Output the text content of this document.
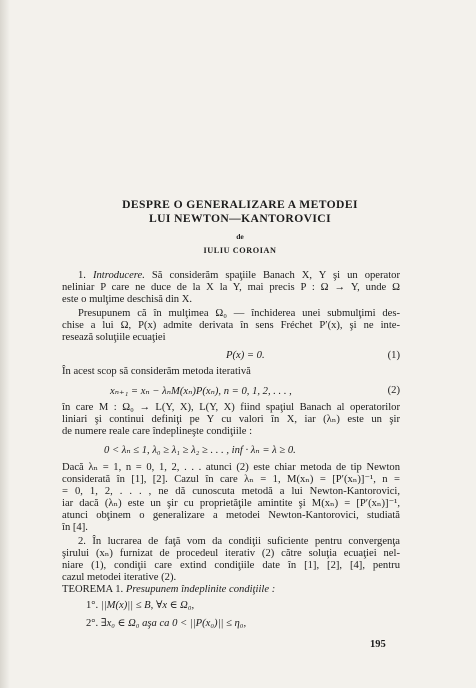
DESPRE O GENERALIZARE A METODEI
LUI NEWTON—KANTOROVICI
de
IULIU COROIAN
1. Introducere. Să considerăm spaţiile Banach X, Y şi un operator
neliniar P care ne duce de la X la Y, mai precis P : Ω → Y, unde Ω
este o mulţime deschisă din X.
Presupunem că în mulţimea Ω₀ — închiderea unei submulţimi des-
chise a lui Ω, P(x) admite derivata în sens Fréchet P′(x), şi ne inte-
resează soluţiile ecuaţiei
P(x) = 0.	(1)
În acest scop să considerăm metoda iterativă
xₙ₊₁ = xₙ − λₙM(xₙ)P(xₙ), n = 0, 1, 2, . . . ,	(2)
în care M : Ω₀ → L(Y, X), L(Y, X) fiind spaţiul Banach al operatorilor
liniari şi continui definiţi pe Y cu valori în X, iar (λₙ) este un şir
de numere reale care îndeplineşte condiţiile :
0 < λₙ ≤ 1, λ₀ ≥ λ₁ ≥ λ₂ ≥ . . . , inf · λₙ = λ ≥ 0.
Dacă λₙ = 1, n = 0, 1, 2, . . . atunci (2) este chiar metoda de tip Newton
considerată în [1], [2]. Cazul în care λₙ = 1, M(xₙ) = [P′(xₙ)]⁻¹, n =
= 0, 1, 2, . . . , ne dă cunoscuta metodă a lui Newton-Kantorovici,
iar dacă (λₙ) este un şir cu proprietăţile amintite şi M(xₙ) = [P′(xₙ)]⁻¹,
atunci obţinem o generalizare a metodei Newton-Kantorovici, studiată
în [4].
2. În lucrarea de faţă vom da condiţii suficiente pentru convergenţa
şirului (xₙ) furnizat de procedeul iterativ (2) către soluţia ecuaţiei nel-
niare (1), condiţii care extind condiţiile date în [1], [2], [4], pentru
cazul metodei iterative (2).
TEOREMA 1. Presupunem îndeplinite condiţiile :
1°. ||M(x)|| ≤ B, ∀x ∈ Ω₀,
2°. ∃x₀ ∈ Ω₀ aşa ca 0 < ||P(x₀)|| ≤ η₀,
195
